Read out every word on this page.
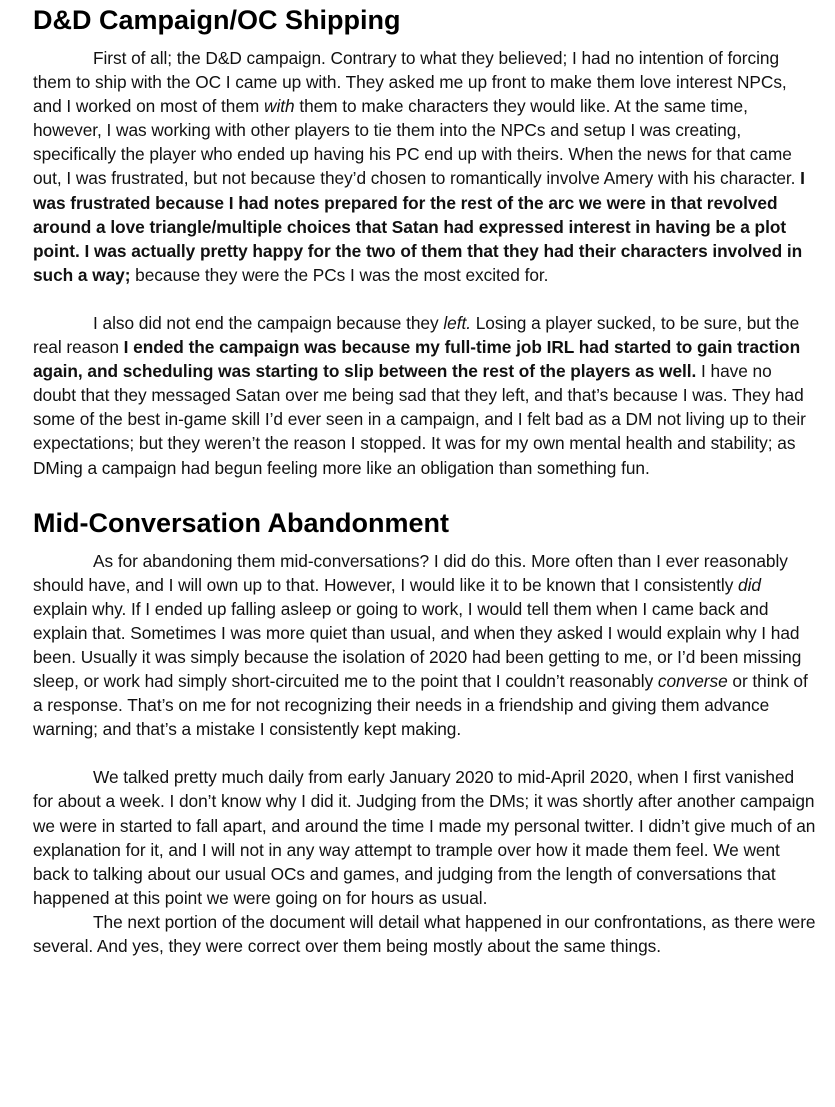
D&D Campaign/OC Shipping

First of all; the D&D campaign. Contrary to what they believed; I had no intention of forcing them to ship with the OC I came up with. They asked me up front to make them love interest NPCs, and I worked on most of them with them to make characters they would like. At the same time, however, I was working with other players to tie them into the NPCs and setup I was creating, specifically the player who ended up having his PC end up with theirs. When the news for that came out, I was frustrated, but not because they’d chosen to romantically involve Amery with his character. I was frustrated because I had notes prepared for the rest of the arc we were in that revolved around a love triangle/multiple choices that Satan had expressed interest in having be a plot point. I was actually pretty happy for the two of them that they had their characters involved in such a way; because they were the PCs I was the most excited for.

I also did not end the campaign because they left. Losing a player sucked, to be sure, but the real reason I ended the campaign was because my full-time job IRL had started to gain traction again, and scheduling was starting to slip between the rest of the players as well. I have no doubt that they messaged Satan over me being sad that they left, and that’s because I was. They had some of the best in-game skill I’d ever seen in a campaign, and I felt bad as a DM not living up to their expectations; but they weren’t the reason I stopped. It was for my own mental health and stability; as DMing a campaign had begun feeling more like an obligation than something fun.

Mid-Conversation Abandonment

As for abandoning them mid-conversations? I did do this. More often than I ever reasonably should have, and I will own up to that. However, I would like it to be known that I consistently did explain why. If I ended up falling asleep or going to work, I would tell them when I came back and explain that. Sometimes I was more quiet than usual, and when they asked I would explain why I had been. Usually it was simply because the isolation of 2020 had been getting to me, or I’d been missing sleep, or work had simply short-circuited me to the point that I couldn’t reasonably converse or think of a response. That’s on me for not recognizing their needs in a friendship and giving them advance warning; and that’s a mistake I consistently kept making.

We talked pretty much daily from early January 2020 to mid-April 2020, when I first vanished for about a week. I don’t know why I did it. Judging from the DMs; it was shortly after another campaign we were in started to fall apart, and around the time I made my personal twitter. I didn’t give much of an explanation for it, and I will not in any way attempt to trample over how it made them feel. We went back to talking about our usual OCs and games, and judging from the length of conversations that happened at this point we were going on for hours as usual.

The next portion of the document will detail what happened in our confrontations, as there were several. And yes, they were correct over them being mostly about the same things.
